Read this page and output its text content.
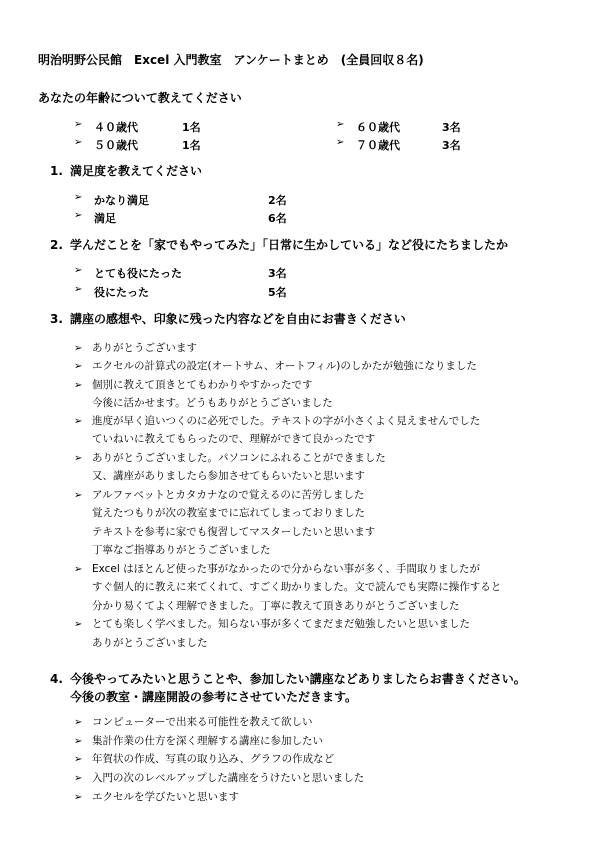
明治明野公民館　Excel 入門教室　アンケートまとめ　(全員回収８名)
あなたの年齢について教えてください
➢ ４０歳代	1名
➢ ５０歳代	1名
➢ ６０歳代	3名
➢ ７０歳代	3名
1. 満足度を教えてください
➢ かなり満足	2名
➢ 満足	6名
2. 学んだことを「家でもやってみた」「日常に生かしている」など役にたちましたか
➢ とても役にたった	3名
➢ 役にたった	5名
3. 講座の感想や、印象に残った内容などを自由にお書きください
➢ ありがとうございます
➢ エクセルの計算式の設定(オートサム、オートフィル)のしかたが勉強になりました
➢ 個別に教えて頂きとてもわかりやすかったです
今後に活かせます。どうもありがとうございました
➢ 進度が早く追いつくのに必死でした。テキストの字が小さくよく見えませんでした
ていねいに教えてもらったので、理解ができて良かったです
➢ ありがとうございました。パソコンにふれることができました
又、講座がありましたら参加させてもらいたいと思います
➢ アルファベットとカタカナなので覚えるのに苦労しました
覚えたつもりが次の教室までに忘れてしまっておりました
テキストを参考に家でも復習してマスターしたいと思います
丁寧なご指導ありがとうございました
➢ Excel はほとんど使った事がなかったので分からない事が多く、手間取りましたが
すぐ個人的に教えに来てくれて、すごく助かりました。文で読んでも実際に操作すると
分かり易くてよく理解できました。丁寧に教えて頂きありがとうございました
➢ とても楽しく学べました。知らない事が多くてまだまだ勉強したいと思いました
ありがとうございました
4. 今後やってみたいと思うことや、参加したい講座などありましたらお書きください。
今後の教室・講座開設の参考にさせていただきます。
➢ コンピューターで出来る可能性を教えて欲しい
➢ 集計作業の仕方を深く理解する講座に参加したい
➢ 年賀状の作成、写真の取り込み、グラフの作成など
➢ 入門の次のレベルアップした講座をうけたいと思いました
➢ エクセルを学びたいと思います
